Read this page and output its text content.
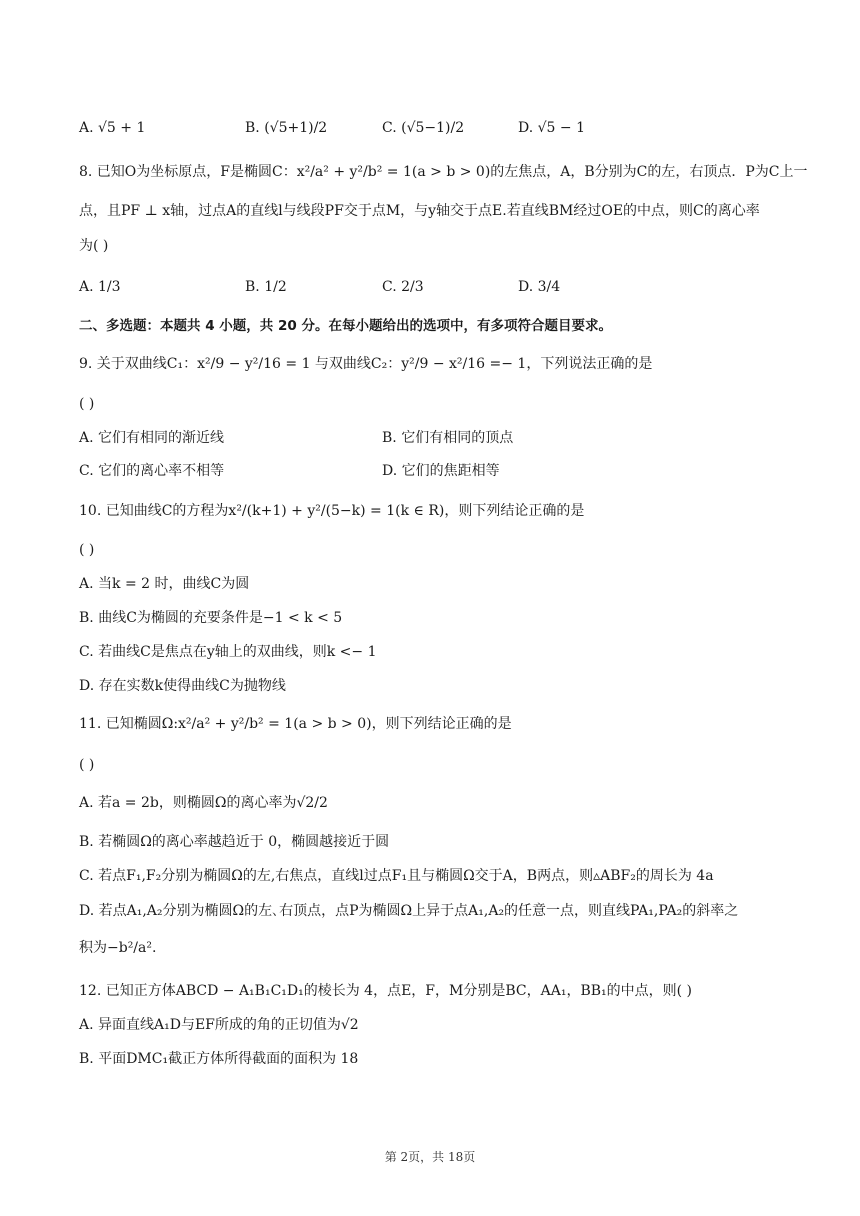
A. √5 + 1	B. (√5+1)/2	C. (√5−1)/2	D. √5 − 1
8. 已知O为坐标原点，F是椭圆C：x²/a² + y²/b² = 1(a > b > 0)的左焦点，A，B分别为C的左，右顶点．P为C上一
点，且PF ⊥ x轴，过点A的直线l与线段PF交于点M，与y轴交于点E.若直线BM经过OE的中点，则C的离心率
为( )
A. 1/3	B. 1/2	C. 2/3	D. 3/4
二、多选题：本题共 4 小题，共 20 分。在每小题给出的选项中，有多项符合题目要求。
9. 关于双曲线C₁：x²/9 − y²/16 = 1 与双曲线C₂：y²/9 − x²/16 =− 1，下列说法正确的是
( )
A. 它们有相同的渐近线	B. 它们有相同的顶点
C. 它们的离心率不相等	D. 它们的焦距相等
10. 已知曲线C的方程为x²/(k+1) + y²/(5−k) = 1(k ∈ R)，则下列结论正确的是
( )
A. 当k = 2 时，曲线C为圆
B. 曲线C为椭圆的充要条件是−1 < k < 5
C. 若曲线C是焦点在y轴上的双曲线，则k <− 1
D. 存在实数k使得曲线C为抛物线
11. 已知椭圆Ω:x²/a² + y²/b² = 1(a > b > 0)，则下列结论正确的是
( )
A. 若a = 2b，则椭圆Ω的离心率为√2/2
B. 若椭圆Ω的离心率越趋近于 0，椭圆越接近于圆
C. 若点F₁,F₂分别为椭圆Ω的左,右焦点，直线l过点F₁且与椭圆Ω交于A，B两点，则▵ABF₂的周长为 4a
D. 若点A₁,A₂分别为椭圆Ω的左､右顶点，点P为椭圆Ω上异于点A₁,A₂的任意一点，则直线PA₁,PA₂的斜率之
积为−b²/a².
12. 已知正方体ABCD − A₁B₁C₁D₁的棱长为 4，点E，F，M分别是BC，AA₁，BB₁的中点，则( )
A. 异面直线A₁D与EF所成的角的正切值为√2
B. 平面DMC₁截正方体所得截面的面积为 18
第 2页，共 18页
